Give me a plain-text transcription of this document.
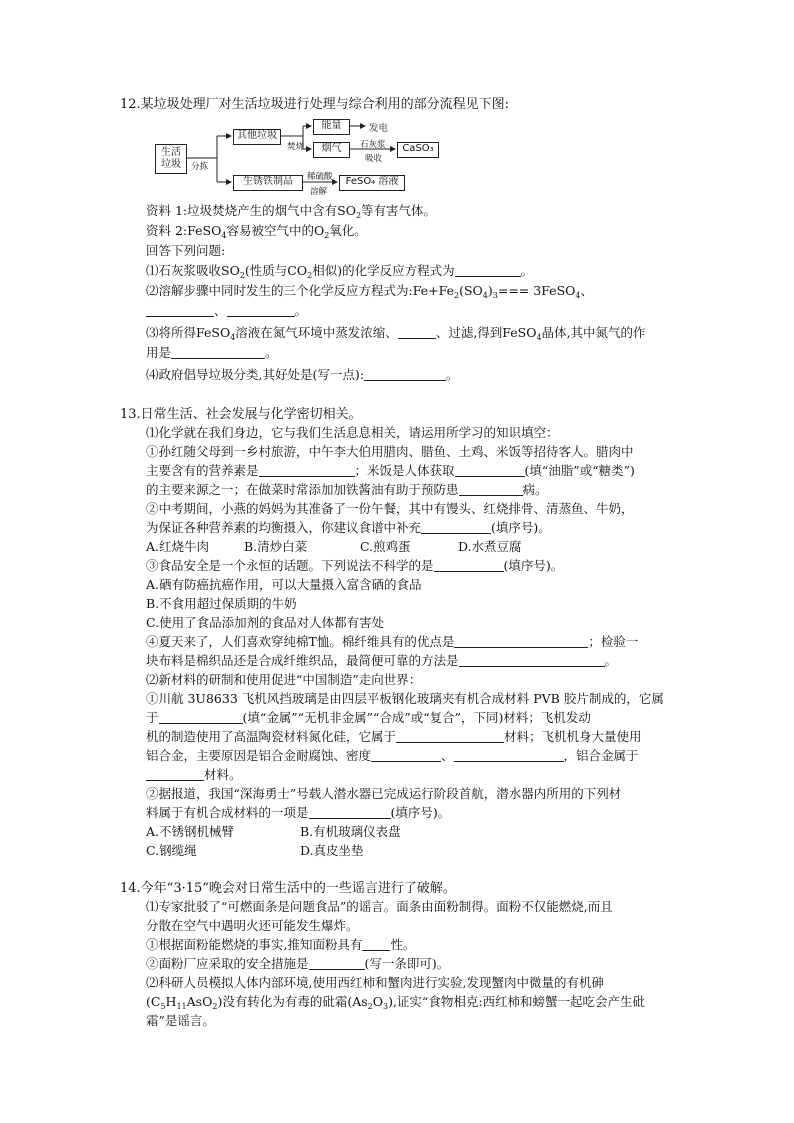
12.某垃圾处理厂对生活垃圾进行处理与综合利用的部分流程见下图:
生活
垃圾	分拣
其他垃圾
焚烧
能量	发电
烟气	石灰浆
吸收
CaSO₃
生锈铁制品	稀硫酸
溶解
FeSO₄ 溶液
资料 1:垃圾焚烧产生的烟气中含有$SO_2$等有害气体。
资料 2:FeSO$_4$容易被空气中的$O_2$氧化。
回答下列问题:
⑴石灰浆吸收$SO_2$(性质与$CO_2$相似)的化学反应方程式为	。
⑵溶解步骤中同时发生的三个化学反应方程式为$:Fe+Fe_2(SO_4)_3===$ 3FeSO$_4$、
、	。
⑶将所得FeSO$_4$溶液在氮气环境中蒸发浓缩、	、过滤,得到FeSO$_4$晶体,其中氮气的作
用是	。
⑷政府倡导垃圾分类,其好处是(写一点):	。
13.日常生活、社会发展与化学密切相关。
⑴化学就在我们身边，它与我们生活息息相关，请运用所学习的知识填空：
①孙红随父母到一乡村旅游，中午李大伯用腊肉、腊鱼、土鸡、米饭等招待客人。腊肉中
主要含有的营养素是	；米饭是人体获取	(填“油脂”或“糖类”)
的主要来源之一；在做菜时常添加加铁酱油有助于预防患	病。
②中考期间，小燕的妈妈为其准备了一份午餐，其中有馒头、红烧排骨、清蒸鱼、牛奶，
为保证各种营养素的均衡摄入，你建议食谱中补充	(填序号)。
A.红烧牛肉	B.清炒白菜	C.煎鸡蛋	D.水煮豆腐
③食品安全是一个永恒的话题。下列说法不科学的是	(填序号)。
A.硒有防癌抗癌作用，可以大量摄入富含硒的食品
B.不食用超过保质期的牛奶
C.使用了食品添加剂的食品对人体都有害处
④夏天来了，人们喜欢穿纯棉T恤。棉纤维具有的优点是	；检验一
块布料是棉织品还是合成纤维织品，最简便可靠的方法是	。
⑵新材料的研制和使用促进“中国制造”走向世界：
①川航 3U8633 飞机风挡玻璃是由四层平板钢化玻璃夹有机合成材料 PVB 胶片制成的，它属
于	(填“金属”“无机非金属”“合成”或“复合”，下同)材料；飞机发动
机的制造使用了高温陶瓷材料氮化硅，它属于	材料；飞机机身大量使用
铝合金，主要原因是铝合金耐腐蚀、密度	、	，铝合金属于
材料。
②据报道，我国“深海勇士”号载人潜水器已完成运行阶段首航，潜水器内所用的下列材
料属于有机合成材料的一项是	(填序号)。
A.不锈钢机械臂	B.有机玻璃仪表盘
C.钢缆绳	D.真皮坐垫
14.今年“3·15”晚会对日常生活中的一些谣言进行了破解。
⑴专家批驳了“可燃面条是问题食品”的谣言。面条由面粉制得。面粉不仅能燃烧,而且
分散在空气中遇明火还可能发生爆炸。
①根据面粉能燃烧的事实,推知面粉具有 性。
②面粉厂应采取的安全措施是	(写一条即可)。
⑵科研人员模拟人体内部环境,使用西红柿和蟹肉进行实验,发现蟹肉中微量的有机砷
$(C_5H_{11}AsO_2)$没有转化为有毒的砒霜$(As_2O_3)$,证实“食物相克:西红柿和螃蟹一起吃会产生砒
霜”是谣言。
